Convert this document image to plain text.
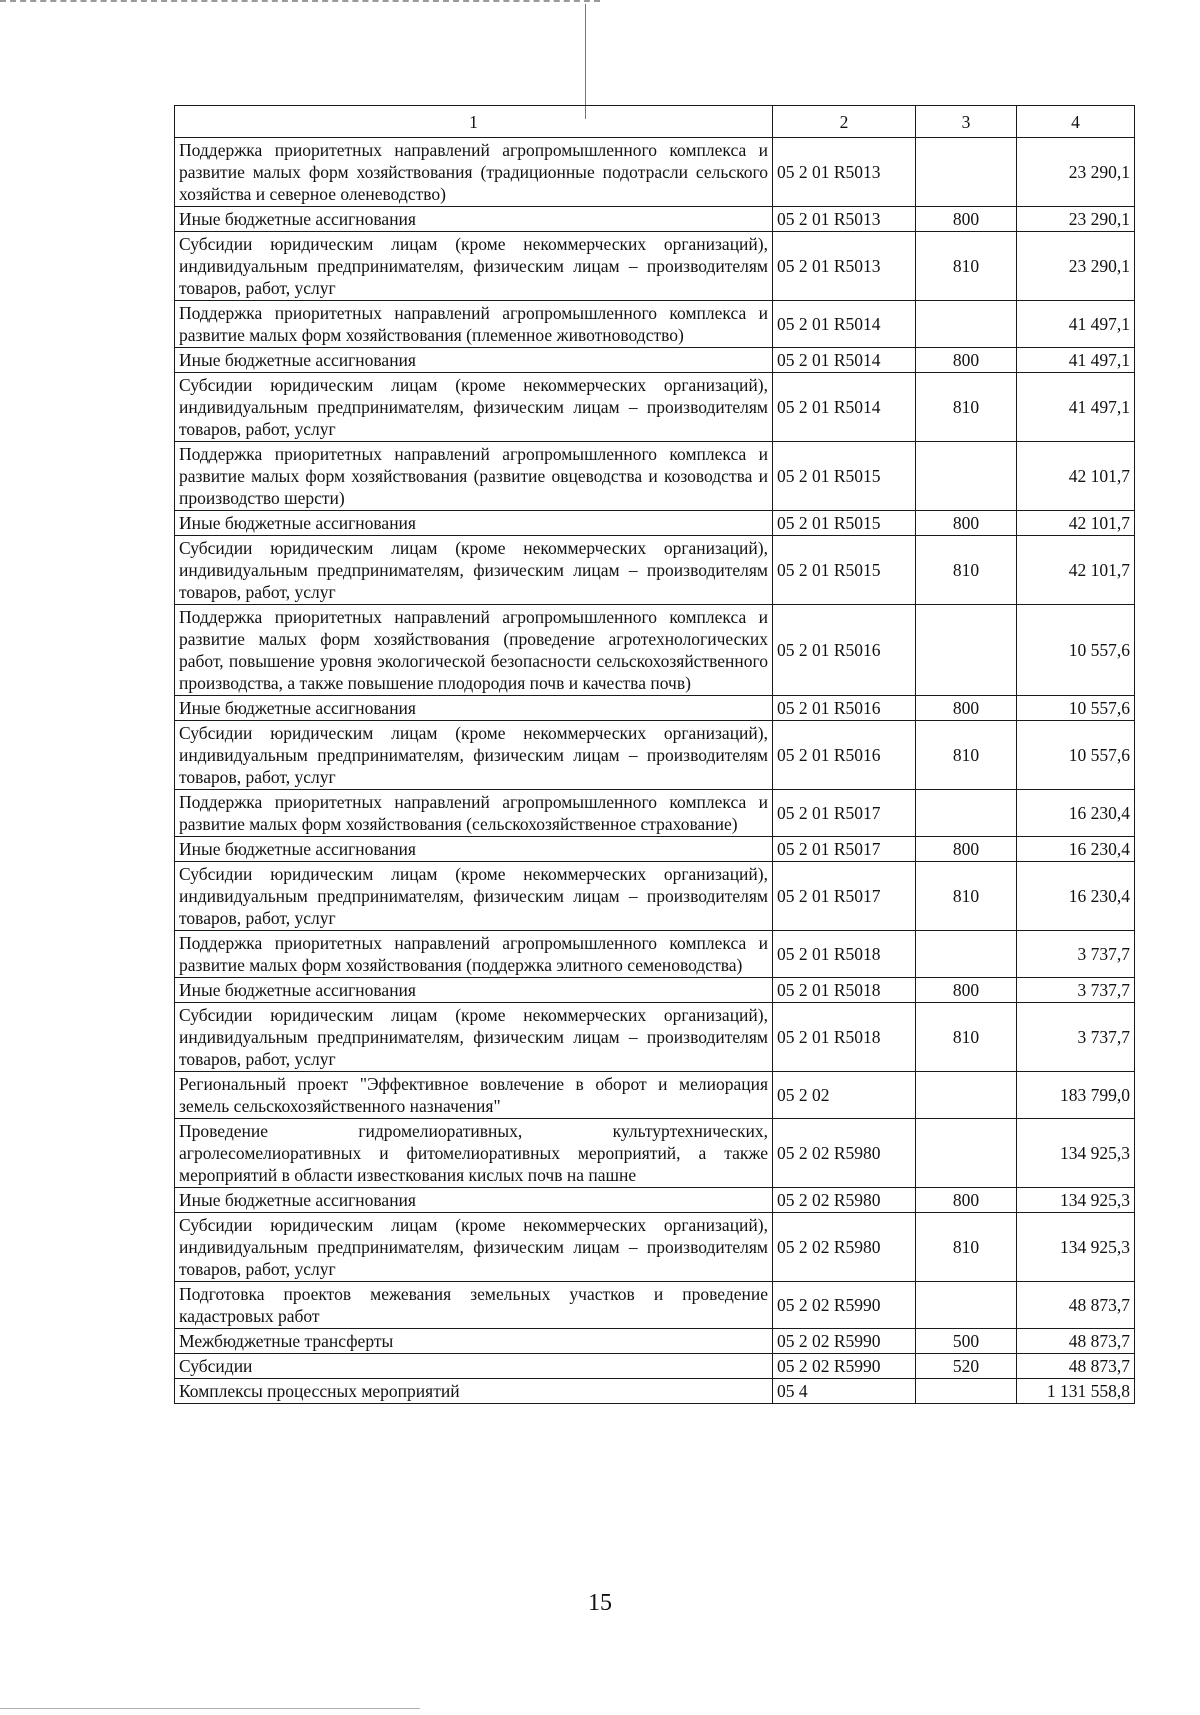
1	2	3	4
Поддержка приоритетных направлений агропромышленного комплекса и развитие малых форм хозяйствования (традиционные подотрасли сельского хозяйства и северное оленеводство)	05 2 01 R5013		23 290,1
Иные бюджетные ассигнования	05 2 01 R5013	800	23 290,1
Субсидии юридическим лицам (кроме некоммерческих организаций), индивидуальным предпринимателям, физическим лицам – производителям товаров, работ, услуг	05 2 01 R5013	810	23 290,1
Поддержка приоритетных направлений агропромышленного комплекса и развитие малых форм хозяйствования (племенное животноводство)	05 2 01 R5014		41 497,1
Иные бюджетные ассигнования	05 2 01 R5014	800	41 497,1
Субсидии юридическим лицам (кроме некоммерческих организаций), индивидуальным предпринимателям, физическим лицам – производителям товаров, работ, услуг	05 2 01 R5014	810	41 497,1
Поддержка приоритетных направлений агропромышленного комплекса и развитие малых форм хозяйствования (развитие овцеводства и козоводства и производство шерсти)	05 2 01 R5015		42 101,7
Иные бюджетные ассигнования	05 2 01 R5015	800	42 101,7
Субсидии юридическим лицам (кроме некоммерческих организаций), индивидуальным предпринимателям, физическим лицам – производителям товаров, работ, услуг	05 2 01 R5015	810	42 101,7
Поддержка приоритетных направлений агропромышленного комплекса и развитие малых форм хозяйствования (проведение агротехнологических работ, повышение уровня экологической безопасности сельскохозяйственного производства, а также повышение плодородия почв и качества почв)	05 2 01 R5016		10 557,6
Иные бюджетные ассигнования	05 2 01 R5016	800	10 557,6
Субсидии юридическим лицам (кроме некоммерческих организаций), индивидуальным предпринимателям, физическим лицам – производителям товаров, работ, услуг	05 2 01 R5016	810	10 557,6
Поддержка приоритетных направлений агропромышленного комплекса и развитие малых форм хозяйствования (сельскохозяйственное страхование)	05 2 01 R5017		16 230,4
Иные бюджетные ассигнования	05 2 01 R5017	800	16 230,4
Субсидии юридическим лицам (кроме некоммерческих организаций), индивидуальным предпринимателям, физическим лицам – производителям товаров, работ, услуг	05 2 01 R5017	810	16 230,4
Поддержка приоритетных направлений агропромышленного комплекса и развитие малых форм хозяйствования (поддержка элитного семеноводства)	05 2 01 R5018		3 737,7
Иные бюджетные ассигнования	05 2 01 R5018	800	3 737,7
Субсидии юридическим лицам (кроме некоммерческих организаций), индивидуальным предпринимателям, физическим лицам – производителям товаров, работ, услуг	05 2 01 R5018	810	3 737,7
Региональный проект "Эффективное вовлечение в оборот и мелиорация земель сельскохозяйственного назначения"	05 2 02		183 799,0
Проведение гидромелиоративных, культуртехнических, агролесомелиоративных и фитомелиоративных мероприятий, а также мероприятий в области известкования кислых почв на пашне	05 2 02 R5980		134 925,3
Иные бюджетные ассигнования	05 2 02 R5980	800	134 925,3
Субсидии юридическим лицам (кроме некоммерческих организаций), индивидуальным предпринимателям, физическим лицам – производителям товаров, работ, услуг	05 2 02 R5980	810	134 925,3
Подготовка проектов межевания земельных участков и проведение кадастровых работ	05 2 02 R5990		48 873,7
Межбюджетные трансферты	05 2 02 R5990	500	48 873,7
Субсидии	05 2 02 R5990	520	48 873,7
Комплексы процессных мероприятий	05 4		1 131 558,8
15
